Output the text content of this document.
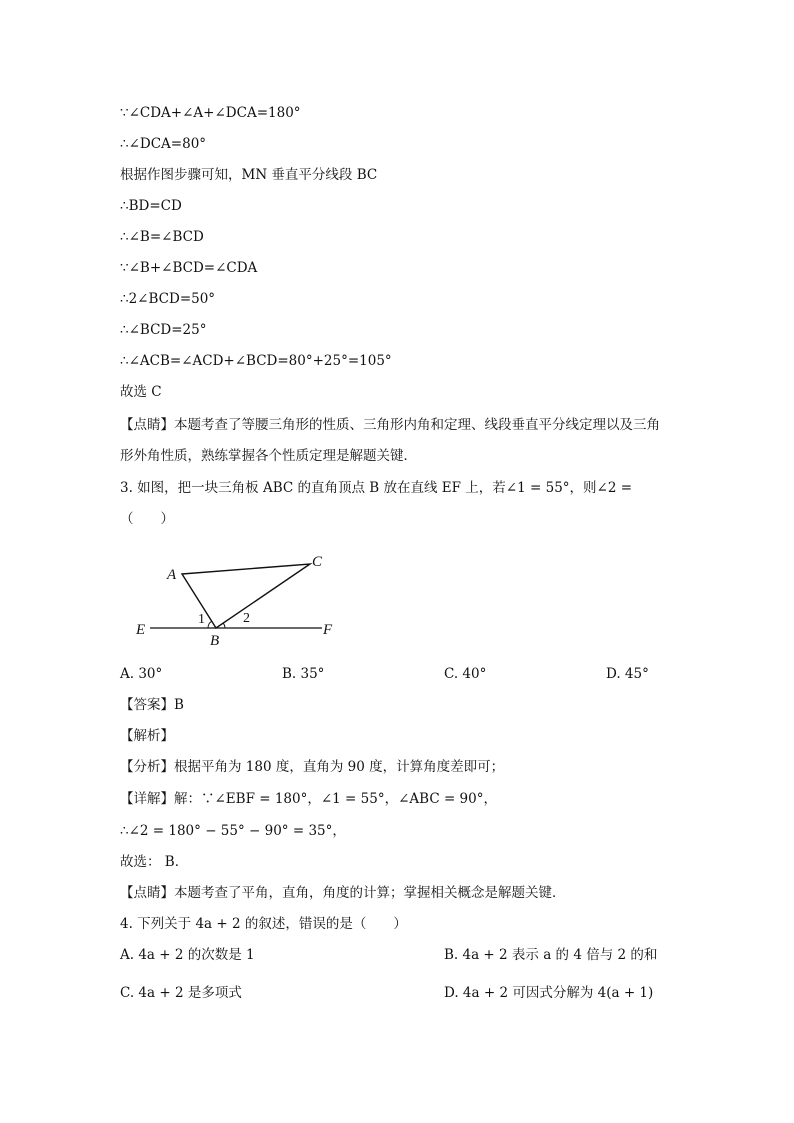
∵∠CDA+∠A+∠DCA=180°
∴∠DCA=80°
根据作图步骤可知，MN 垂直平分线段 BC
∴BD=CD
∴∠B=∠BCD
∵∠B+∠BCD=∠CDA
∴2∠BCD=50°
∴∠BCD=25°
∴∠ACB=∠ACD+∠BCD=80°+25°=105°
故选 C
【点睛】本题考查了等腰三角形的性质、三角形内角和定理、线段垂直平分线定理以及三角
形外角性质，熟练掌握各个性质定理是解题关键．
3. 如图，把一块三角板 ABC 的直角顶点 B 放在直线 EF 上，若∠1 = 55°，则∠2 =
（　　）
A
C
E	F
B
1	2
A. 30°	B. 35°	C. 40°	D. 45°
【答案】B
【解析】
【分析】根据平角为 180 度，直角为 90 度，计算角度差即可；
【详解】解：∵∠EBF = 180°，∠1 = 55°，∠ABC = 90°，
∴∠2 = 180° − 55° − 90° = 35°，
故选： B．
【点睛】本题考查了平角，直角，角度的计算；掌握相关概念是解题关键．
4. 下列关于 4a + 2 的叙述，错误的是（　　）
A. 4a + 2 的次数是 1	B. 4a + 2 表示 a 的 4 倍与 2 的和
C. 4a + 2 是多项式	D. 4a + 2 可因式分解为 4(a + 1)
